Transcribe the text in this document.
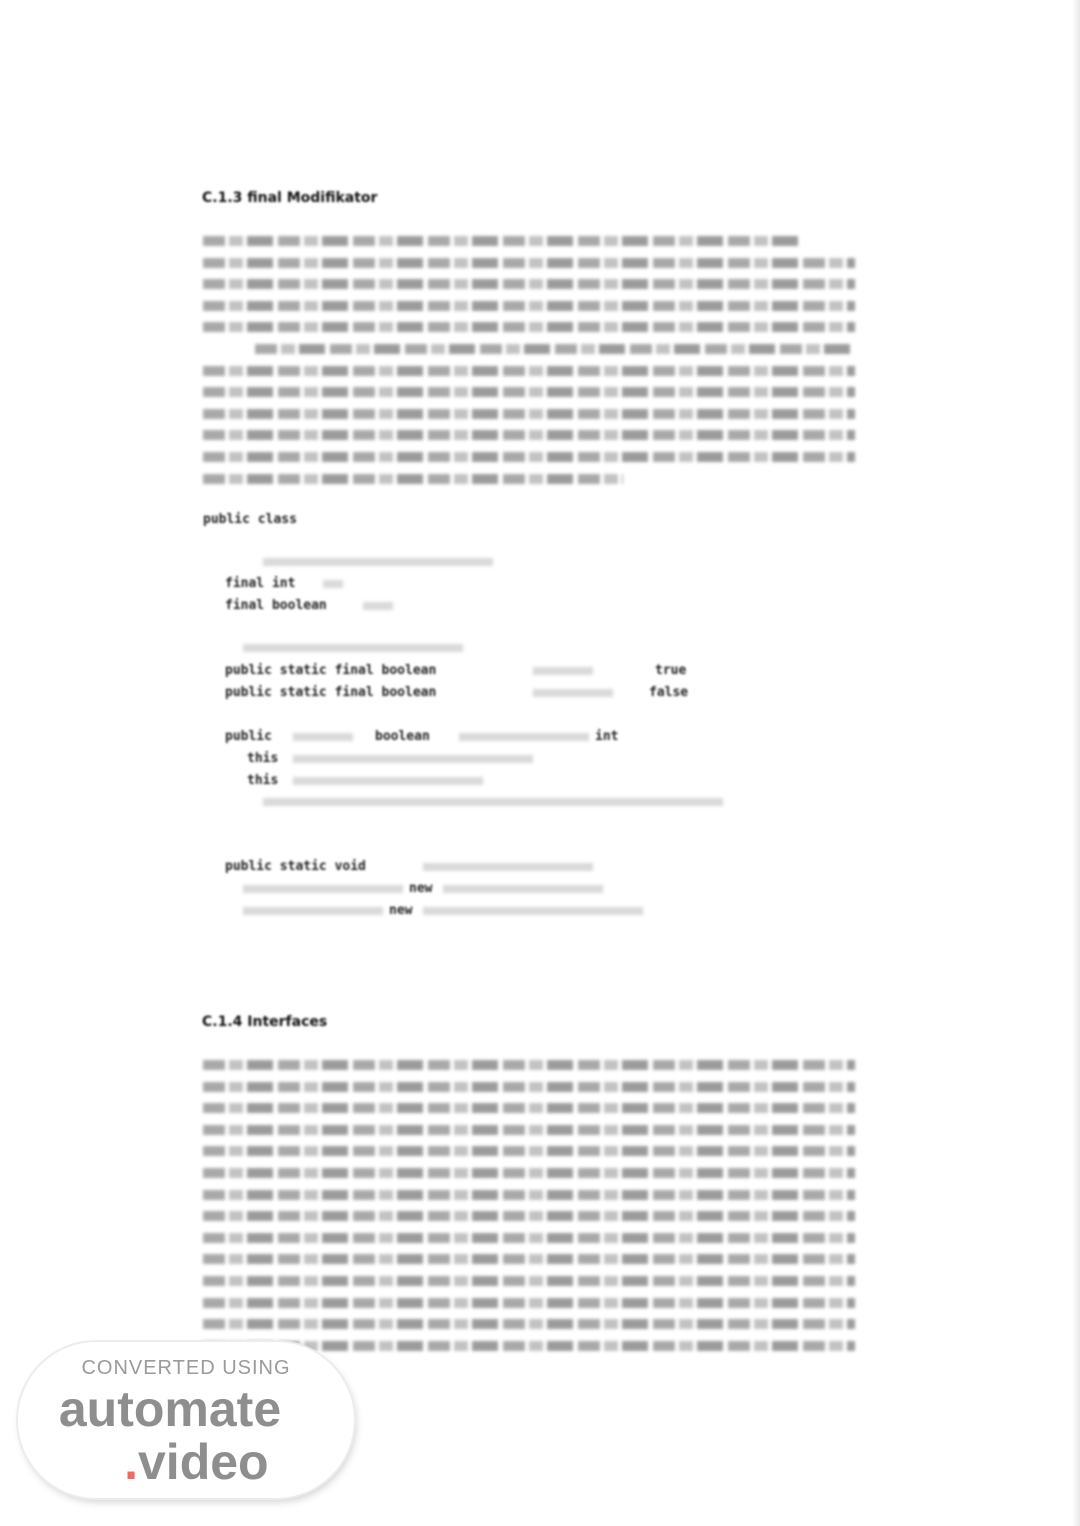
C.1.3 final Modifikator
public class
final int
final boolean
public static final boolean	true
public static final boolean	false
public	boolean	int
this
this
public static void
new
new
C.1.4 Interfaces
CONVERTED USING
automate
. video
